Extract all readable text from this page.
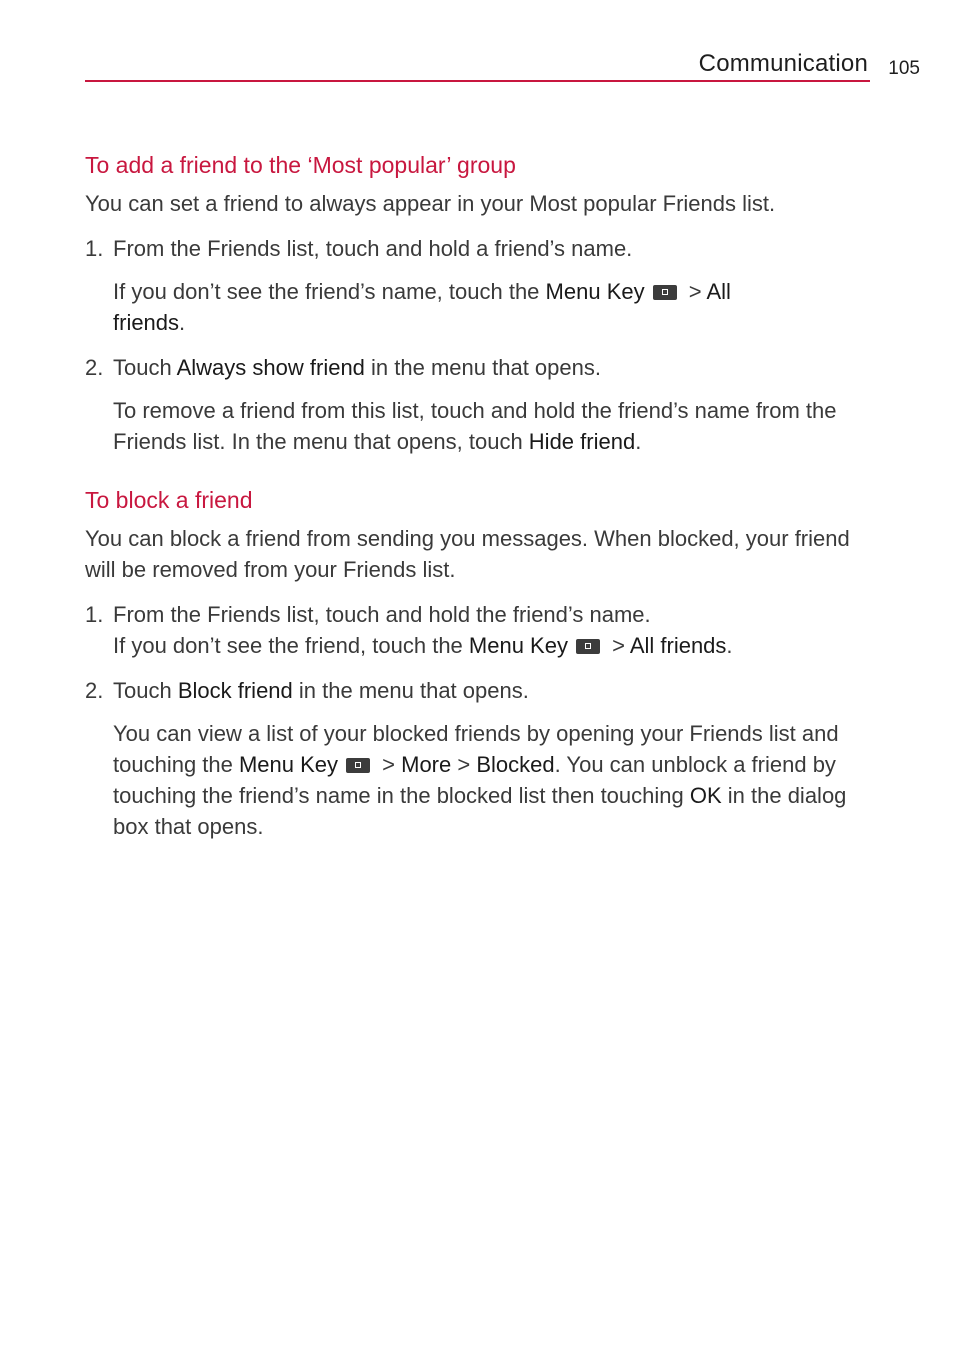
Communication 105
To add a friend to the ‘Most popular’ group

You can set a friend to always appear in your Most popular Friends list.

1. From the Friends list, touch and hold a friend’s name.

If you don’t see the friend’s name, touch the Menu Key > All
friends.

2. Touch Always show friend in the menu that opens.

To remove a friend from this list, touch and hold the friend’s name from the Friends list. In the menu that opens, touch Hide friend.

To block a friend

You can block a friend from sending you messages. When blocked, your friend will be removed from your Friends list.

1. From the Friends list, touch and hold the friend’s name.
If you don’t see the friend, touch the Menu Key > All friends.

2. Touch Block friend in the menu that opens.

You can view a list of your blocked friends by opening your Friends list and touching the Menu Key > More > Blocked. You can unblock a friend by touching the friend’s name in the blocked list then touching OK in the dialog box that opens.
